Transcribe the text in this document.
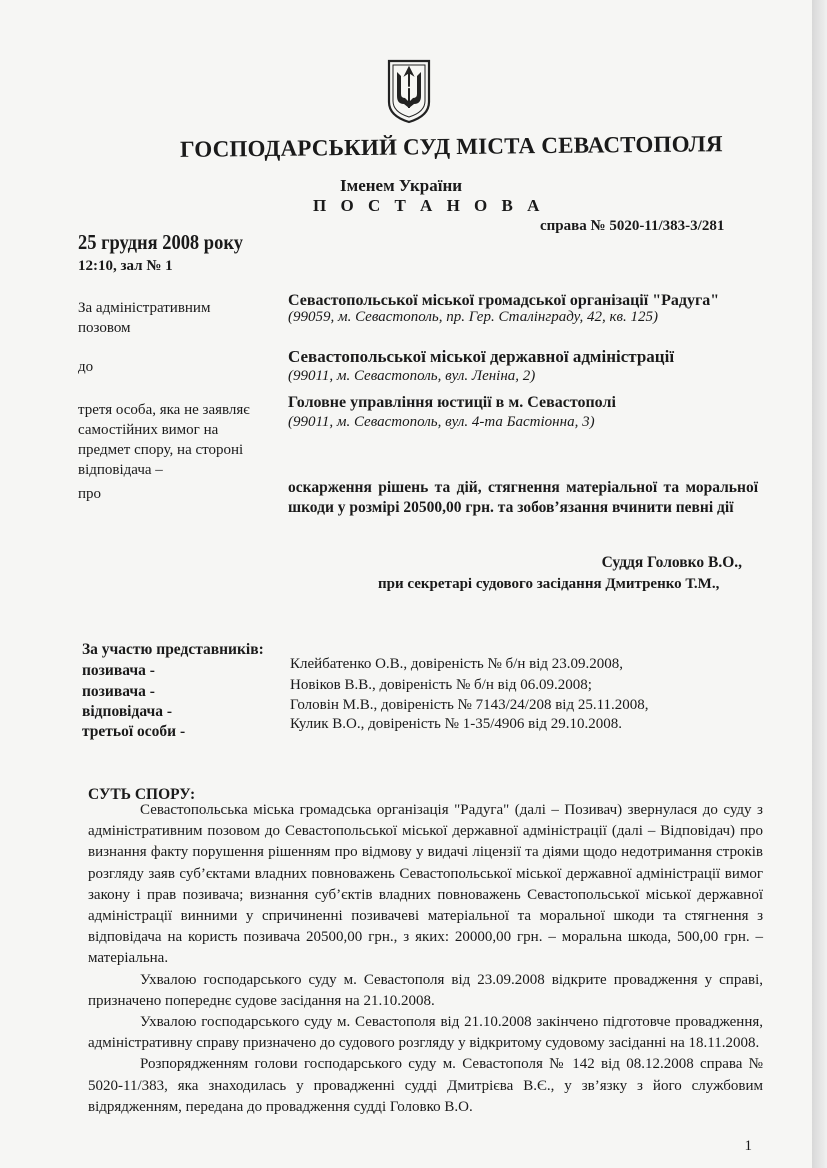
ГОСПОДАРСЬКИЙ СУД МІСТА СЕВАСТОПОЛЯ
Іменем України
П О С Т А Н О В А
справа № 5020-11/383-3/281
25 грудня 2008 року
12:10, зал № 1
За адміністративним
позовом
Севастопольської міської громадської організації "Радуга"
(99059, м. Севастополь, пр. Гер. Сталінграду, 42, кв. 125)
до
Севастопольської міської державної адміністрації
(99011, м. Севастополь, вул. Леніна, 2)
третя особа, яка не заявляє
самостійних вимог на
предмет спору, на стороні
відповідача –
Головне управління юстиції в м. Севастополі
(99011, м. Севастополь, вул. 4-та Бастіонна, 3)
про	оскарження рішень та дій, стягнення матеріальної та моральної шкоди у розмірі 20500,00 грн. та зобов’язання вчинити певні дії
Суддя Головко В.О.,
при секретарі судового засідання Дмитренко Т.М.,
За участю представників:
позивача -
позивача -
відповідача -
третьої особи -
Клейбатенко О.В., довіреність № б/н від 23.09.2008,
Новіков В.В., довіреність № б/н від 06.09.2008;
Головін М.В., довіреність № 7143/24/208 від 25.11.2008,
Кулик В.О., довіреність № 1-35/4906 від 29.10.2008.
СУТЬ СПОРУ:

Севастопольська міська громадська організація "Радуга" (далі – Позивач) звернулася до суду з адміністративним позовом до Севастопольської міської державної адміністрації (далі – Відповідач) про визнання факту порушення рішенням про відмову у видачі ліцензії та діями щодо недотримання строків розгляду заяв суб’єктами владних повноважень Севастопольської міської державної адміністрації вимог закону і прав позивача; визнання суб’єктів владних повноважень Севастопольської міської державної адміністрації винними у спричиненні позивачеві матеріальної та моральної шкоди та стягнення з відповідача на користь позивача 20500,00 грн., з яких: 20000,00 грн. – моральна шкода, 500,00 грн. – матеріальна.

Ухвалою господарського суду м. Севастополя від 23.09.2008 відкрите провадження у справі, призначено попереднє судове засідання на 21.10.2008.

Ухвалою господарського суду м. Севастополя від 21.10.2008 закінчено підготовче провадження, адміністративну справу призначено до судового розгляду у відкритому судовому засіданні на 18.11.2008.

Розпорядженням голови господарського суду м. Севастополя № 142 від 08.12.2008 справа № 5020-11/383, яка знаходилась у провадженні судді Дмитрієва В.Є., у зв’язку з його службовим відрядженням, передана до провадження судді Головко В.О.

1
